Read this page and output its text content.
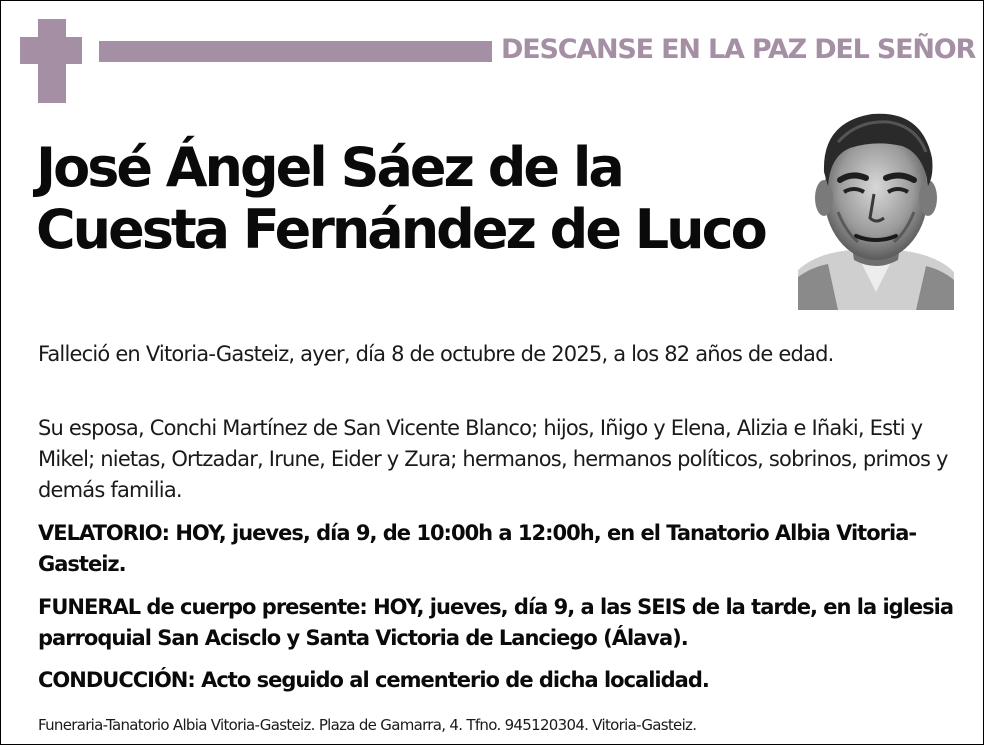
DESCANSE EN LA PAZ DEL SEÑOR
José Ángel Sáez de la
Cuesta Fernández de Luco

Falleció en Vitoria-Gasteiz, ayer, día 8 de octubre de 2025, a los 82 años de edad.

Su esposa, Conchi Martínez de San Vicente Blanco; hijos, Iñigo y Elena, Alizia e Iñaki, Esti y Mikel; nietas, Ortzadar, Irune, Eider y Zura; hermanos, hermanos políticos, sobrinos, primos y demás familia.

VELATORIO: HOY, jueves, día 9, de 10:00h a 12:00h, en el Tanatorio Albia Vitoria-Gasteiz.

FUNERAL de cuerpo presente: HOY, jueves, día 9, a las SEIS de la tarde, en la iglesia parroquial San Acisclo y Santa Victoria de Lanciego (Álava).

CONDUCCIÓN: Acto seguido al cementerio de dicha localidad.

Funeraria-Tanatorio Albia Vitoria-Gasteiz. Plaza de Gamarra, 4. Tfno. 945120304. Vitoria-Gasteiz.
